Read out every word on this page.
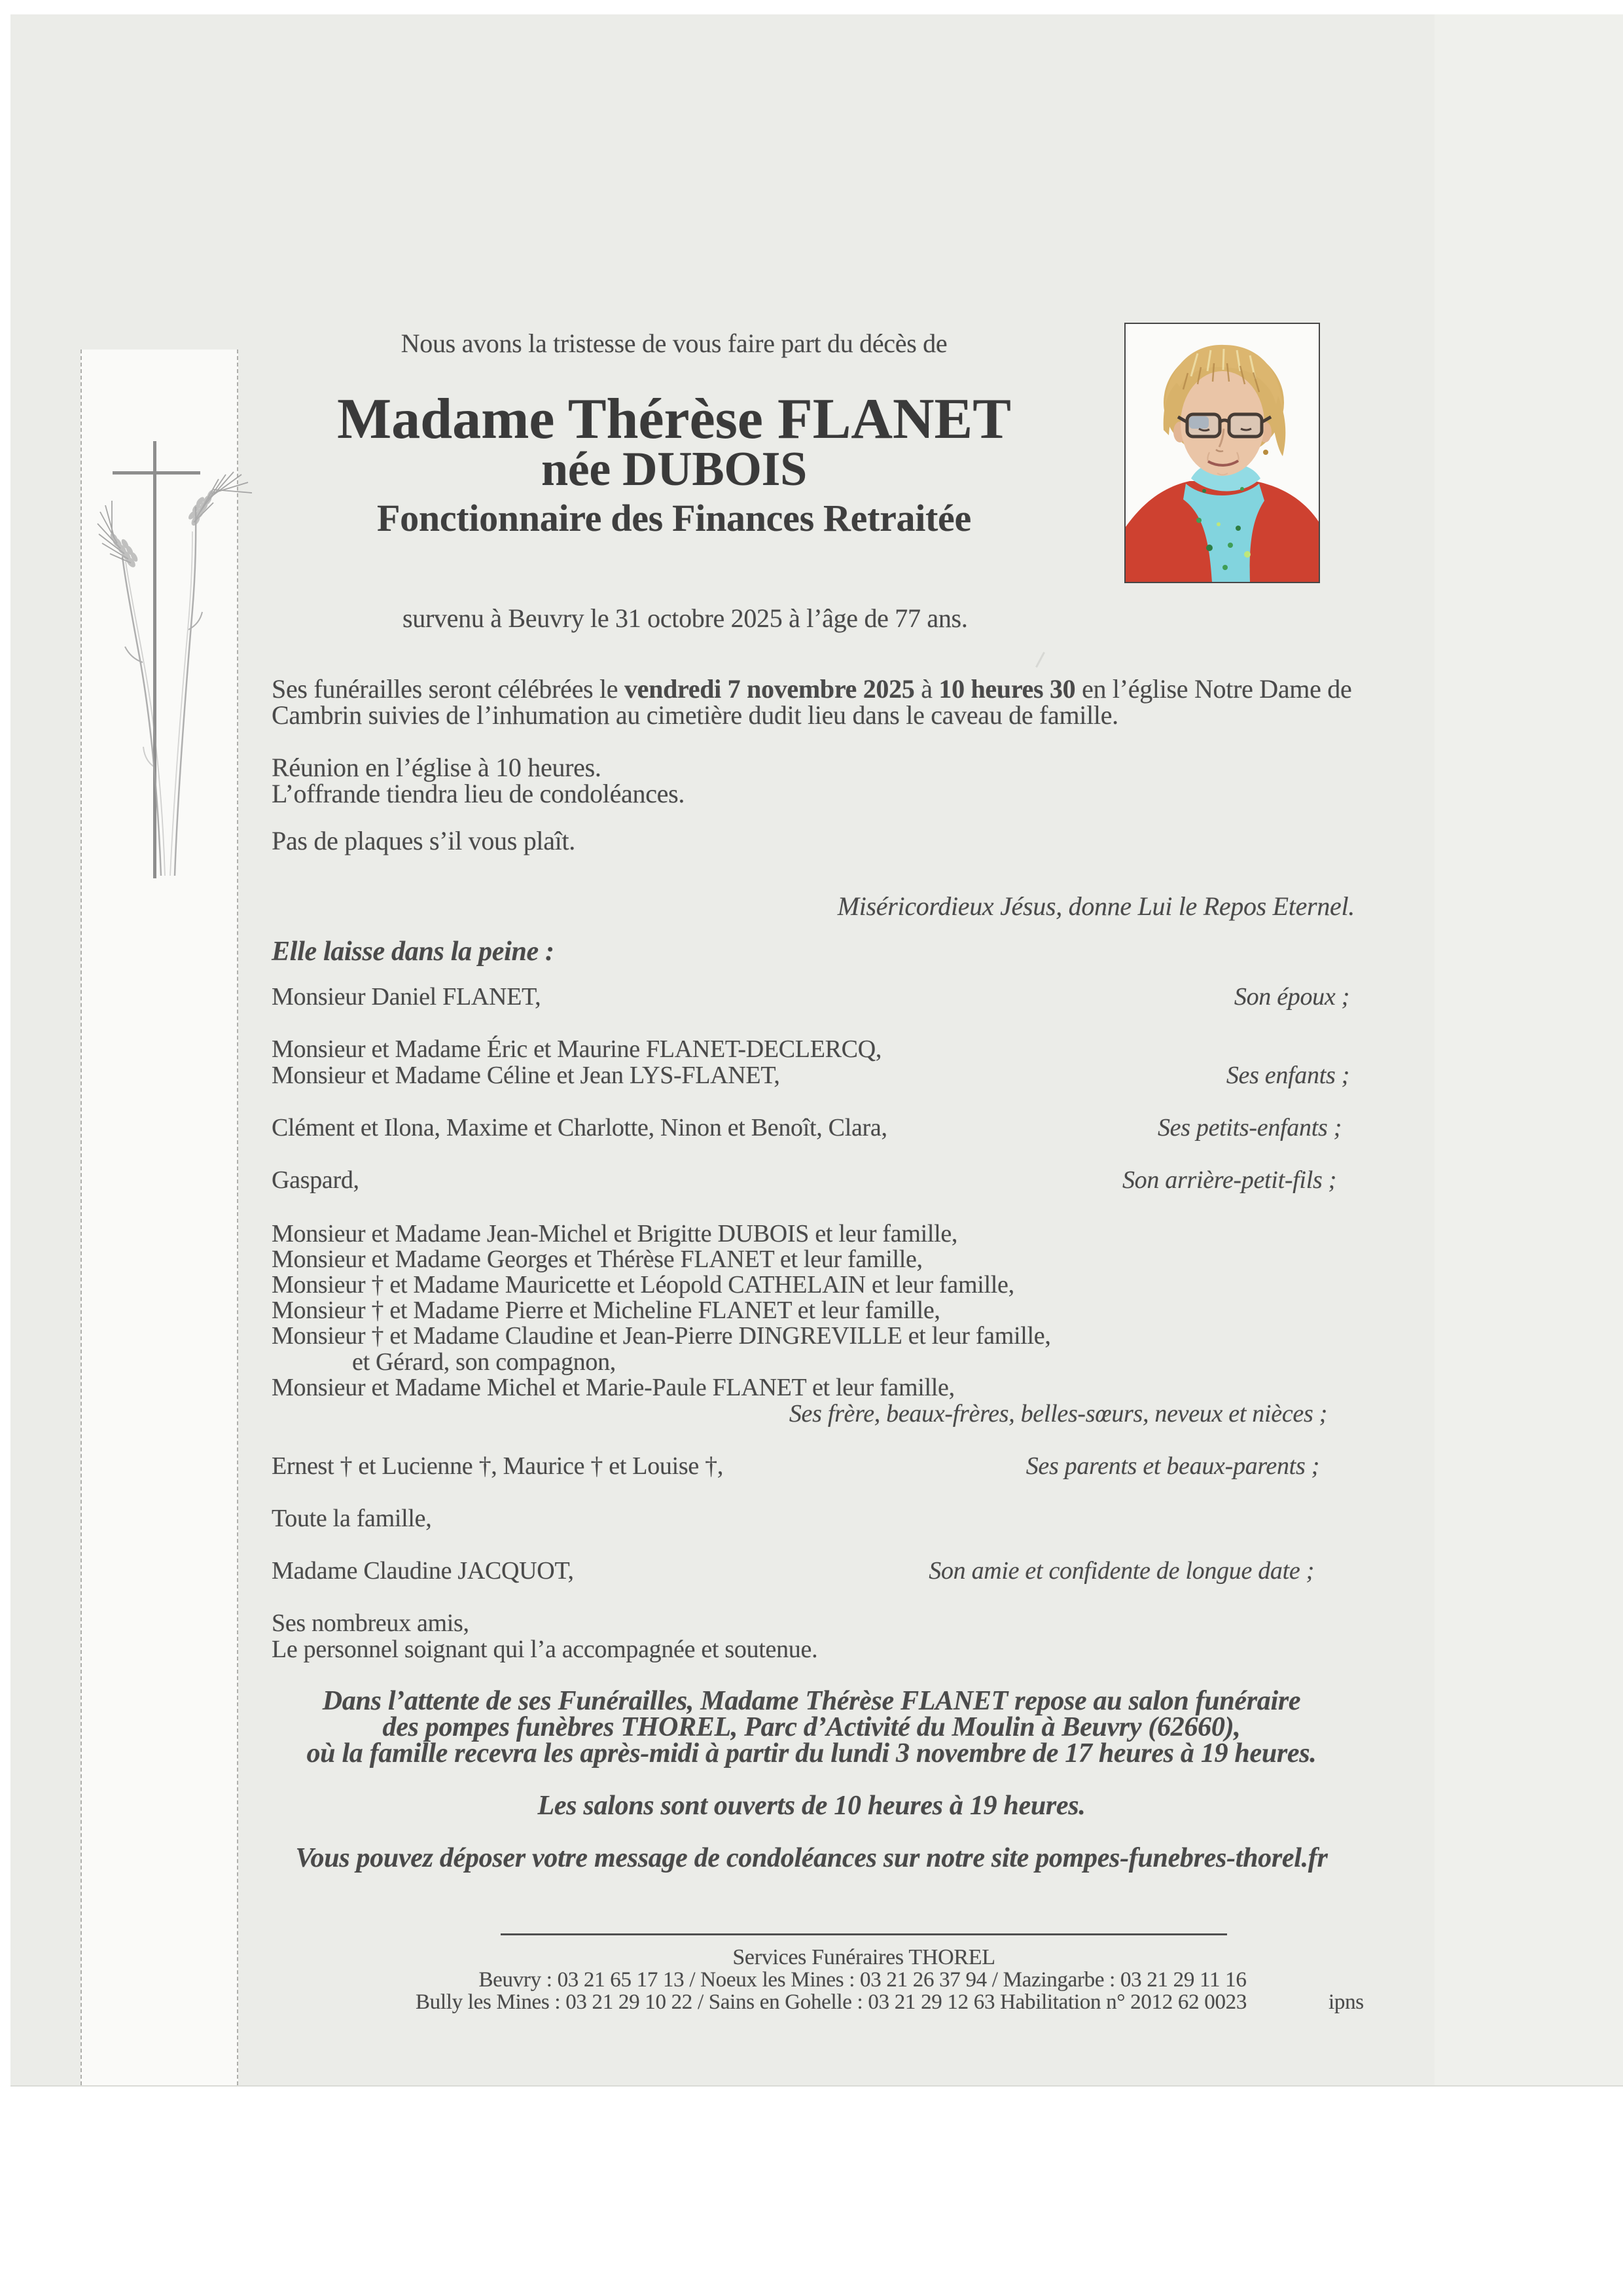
Nous avons la tristesse de vous faire part du décès de
Madame Thérèse FLANET
née DUBOIS
Fonctionnaire des Finances Retraitée
survenu à Beuvry le 31 octobre 2025 à l’âge de 77 ans.
Ses funérailles seront célébrées le vendredi 7 novembre 2025 à 10 heures 30 en l’église Notre Dame de
Cambrin suivies de l’inhumation au cimetière dudit lieu dans le caveau de famille.
Réunion en l’église à 10 heures.
L’offrande tiendra lieu de condoléances.
Pas de plaques s’il vous plaît.
Miséricordieux Jésus, donne Lui le Repos Eternel.
Elle laisse dans la peine :
Monsieur Daniel FLANET,	Son époux ;
Monsieur et Madame Éric et Maurine FLANET-DECLERCQ,
Monsieur et Madame Céline et Jean LYS-FLANET,	Ses enfants ;
Clément et Ilona, Maxime et Charlotte, Ninon et Benoît, Clara,	Ses petits-enfants ;
Gaspard,	Son arrière-petit-fils ;
Monsieur et Madame Jean-Michel et Brigitte DUBOIS et leur famille,
Monsieur et Madame Georges et Thérèse FLANET et leur famille,
Monsieur † et Madame Mauricette et Léopold CATHELAIN et leur famille,
Monsieur † et Madame Pierre et Micheline FLANET et leur famille,
Monsieur † et Madame Claudine et Jean-Pierre DINGREVILLE et leur famille,
et Gérard, son compagnon,
Monsieur et Madame Michel et Marie-Paule FLANET et leur famille,
Ses frère, beaux-frères, belles-sœurs, neveux et nièces ;
Ernest † et Lucienne †, Maurice † et Louise †,	Ses parents et beaux-parents ;
Toute la famille,
Madame Claudine JACQUOT,	Son amie et confidente de longue date ;
Ses nombreux amis,
Le personnel soignant qui l’a accompagnée et soutenue.
Dans l’attente de ses Funérailles, Madame Thérèse FLANET repose au salon funéraire
des pompes funèbres THOREL, Parc d’Activité du Moulin à Beuvry (62660),
où la famille recevra les après-midi à partir du lundi 3 novembre de 17 heures à 19 heures.
Les salons sont ouverts de 10 heures à 19 heures.
Vous pouvez déposer votre message de condoléances sur notre site pompes-funebres-thorel.fr
Services Funéraires THOREL
Beuvry : 03 21 65 17 13 / Noeux les Mines : 03 21 26 37 94 / Mazingarbe : 03 21 29 11 16
Bully les Mines : 03 21 29 10 22 / Sains en Gohelle : 03 21 29 12 63 Habilitation n° 2012 62 0023	ipns
